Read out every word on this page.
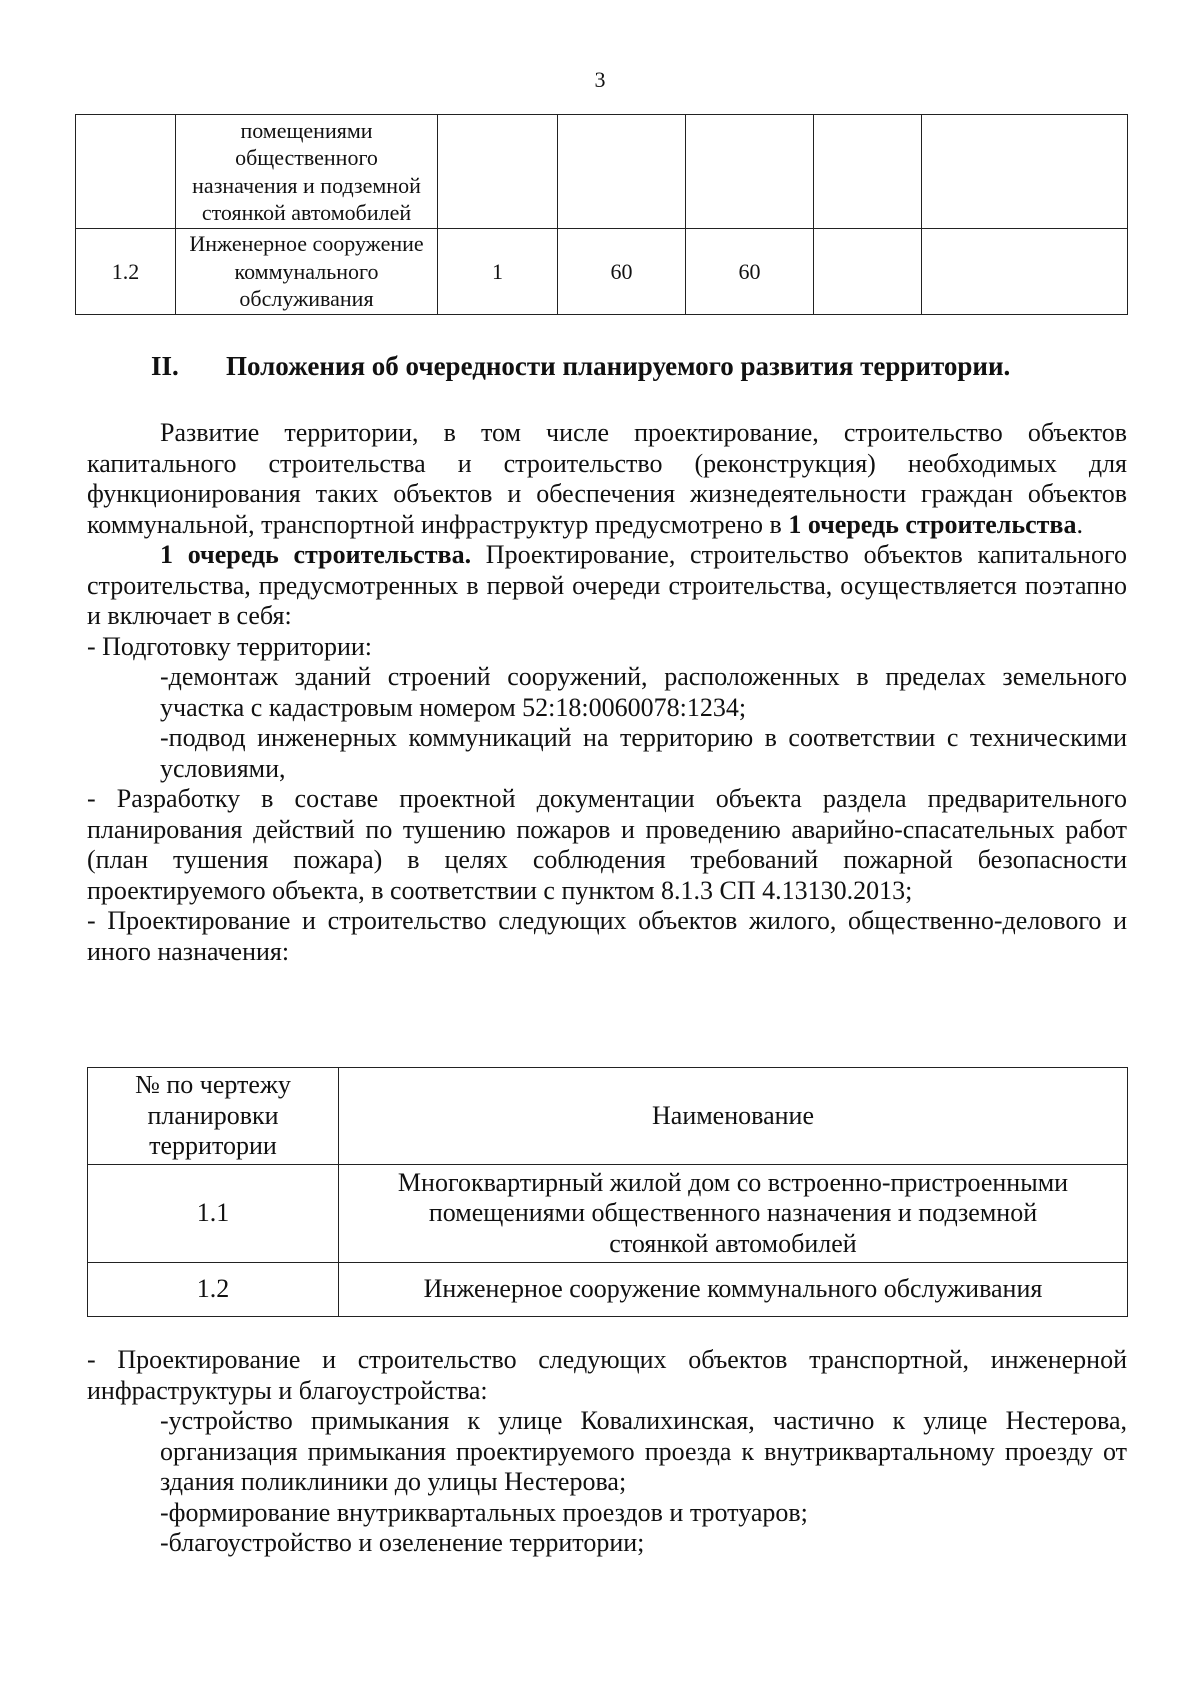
3

	помещениями
общественного
назначения и подземной
стоянкой автомобилей					

1.2	Инженерное сооружение
коммунального
обслуживания	1	60	60		
II. Положения об очередности планируемого развития территории.
Развитие территории, в том числе проектирование, строительство объектов капитального строительства и строительство (реконструкция) необходимых для функционирования таких объектов и обеспечения жизнедеятельности граждан объектов коммунальной, транспортной инфраструктур предусмотрено в 1 очередь строительства.
1 очередь строительства. Проектирование, строительство объектов капитального строительства, предусмотренных в первой очереди строительства, осуществляется поэтапно и включает в себя:
- Подготовку территории:
-демонтаж зданий строений сооружений, расположенных в пределах земельного участка с кадастровым номером 52:18:0060078:1234;
-подвод инженерных коммуникаций на территорию в соответствии с техническими условиями,
- Разработку в составе проектной документации объекта раздела предварительного планирования действий по тушению пожаров и проведению аварийно-спасательных работ (план тушения пожара) в целях соблюдения требований пожарной безопасности проектируемого объекта, в соответствии с пунктом 8.1.3 СП 4.13130.2013;
- Проектирование и строительство следующих объектов жилого, общественно-делового и иного назначения:
№ по чертежу
планировки
территории	Наименование
1.1	Многоквартирный жилой дом со встроенно-пристроенными
помещениями общественного назначения и подземной
стоянкой автомобилей

1.2	Инженерное сооружение коммунального обслуживания
- Проектирование и строительство следующих объектов транспортной, инженерной инфраструктуры и благоустройства:
-устройство примыкания к улице Ковалихинская, частично к улице Нестерова, организация примыкания проектируемого проезда к внутриквартальному проезду от здания поликлиники до улицы Нестерова;
-формирование внутриквартальных проездов и тротуаров;
-благоустройство и озеленение территории;
